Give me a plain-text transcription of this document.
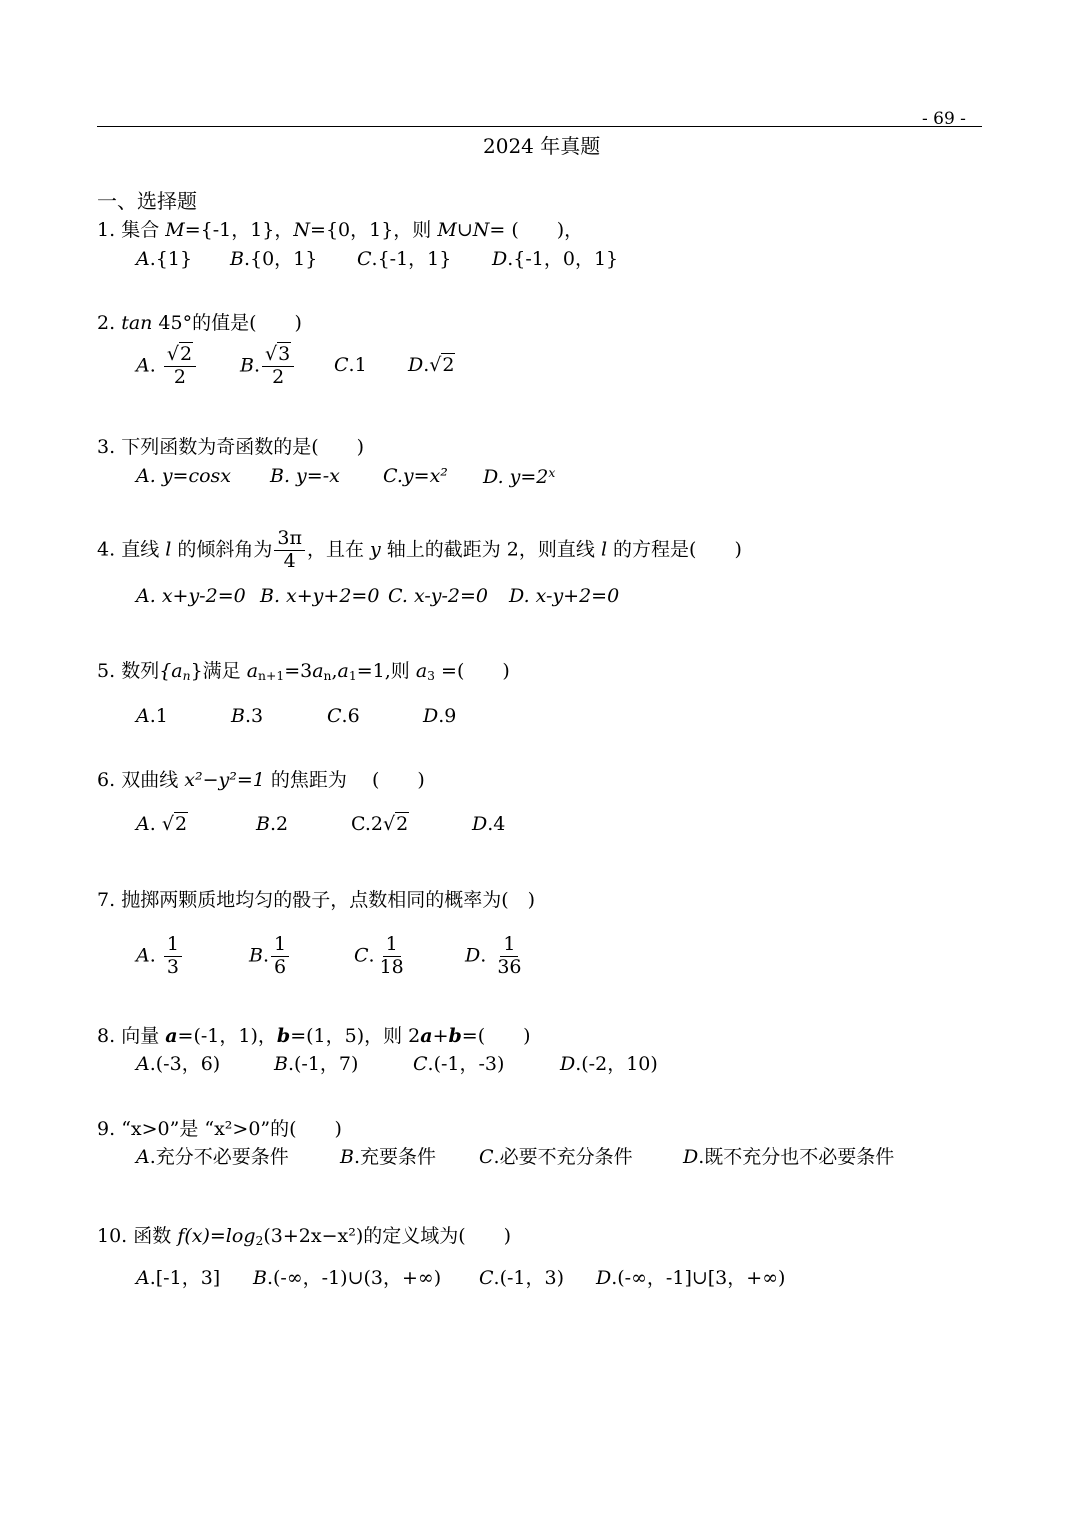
- 69 -
2024 年真题
一、选择题
1. 集合 M={-1，1}，N={0，1}，则 M∪N= (　　)，
A.{1} B.{0，1} C.{-1，1} D.{-1，0，1}
2. tan 45°的值是(　　)
A. $\frac{√2}{2} B$. $\frac{√3}{2} C.1$ D.√2
3. 下列函数为奇函数的是(　　)
A. y=cosx B. y=-x C.y=x² D. $y=2^x$
4. 直线 l 的倾斜角为 $\frac{3\pi}{4}$ ，且在 y 轴上的截距为 2，则直线 l 的方程是(　　)
A. x+y-2=0 B. x+y+2=0 C. x-y-2=0 D. x-y+2=0
5. 数列$\{a_n\}$满足 $a_{n+1}=3a_n,a_1=1$,则 $a_3$ =(　　)
A.1	B.3	C.6	D.9
6. 双曲线 x²−y²=1 的焦距为 　(　　)
A. √2	B.2	C.2√2	D.4
7. 抛掷两颗质地均匀的骰子，点数相同的概率为(　)
A. $\frac{1}{3}$	B. $\frac{1}{6}$	C. $\frac{1}{18}$	D. $\frac{1}{36}$
8. 向量 a=(-1，1)，b=(1，5)，则 2a+b=(　　)
A.(-3，6)	B.(-1，7)	C.(-1，-3)	D.(-2，10)
9. “x>0”是 “x²>0”的(　　)
A.充分不必要条件	B.充要条件 C.必要不充分条件	D.既不充分也不必要条件
10. 函数 $f(x)=\log_2(3+2x-x^2)$的定义域为(　　)
A.[-1，3] B.(-∞，-1)∪(3，+∞) C.(-1，3) D.(-∞，-1]∪[3，+∞)
